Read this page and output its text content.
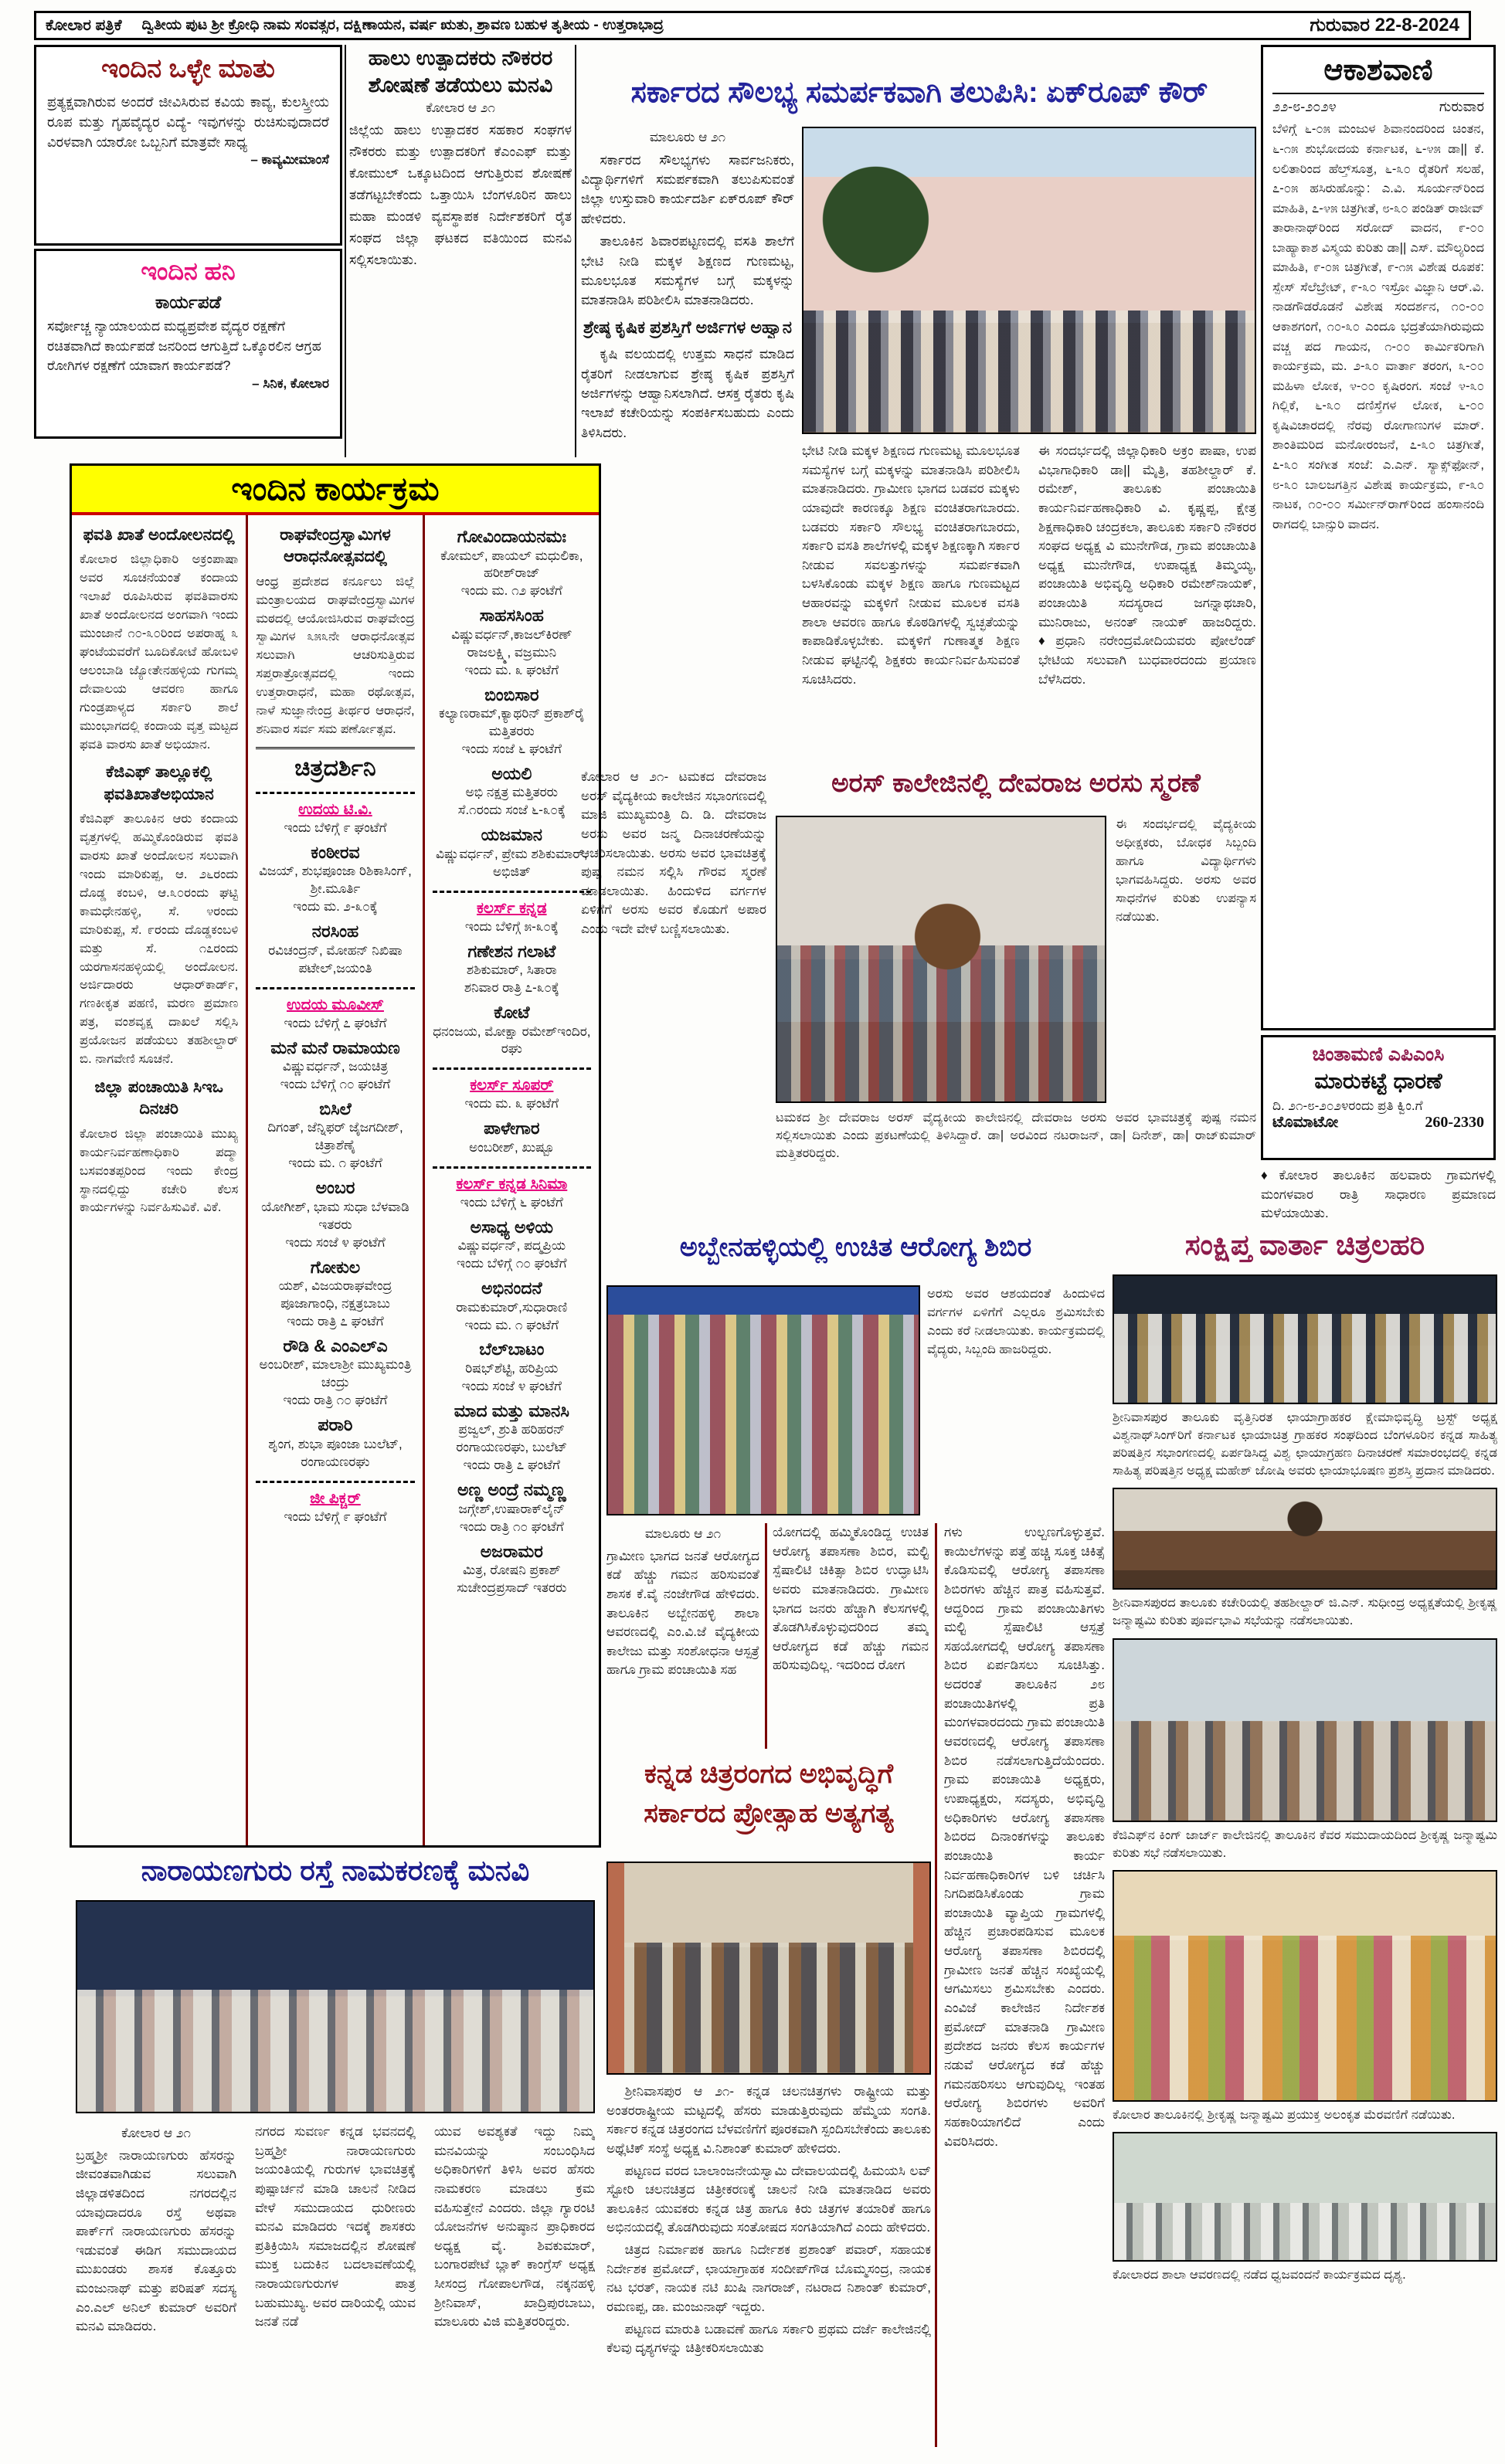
ಕೋಲಾರ ಪತ್ರಿಕೆ	ದ್ವಿತೀಯ ಪುಟ ಶ್ರೀ ಕ್ರೋಧಿ ನಾಮ ಸಂವತ್ಸರ, ದಕ್ಷಿಣಾಯನ, ವರ್ಷ ಋತು, ಶ್ರಾವಣ ಬಹುಳ ತೃತೀಯ - ಉತ್ತರಾಭಾದ್ರ	ಗುರುವಾರ 22-8-2024
ಇಂದಿನ ಒಳ್ಳೇ ಮಾತು
ಪ್ರತ್ಯಕ್ಷವಾಗಿರುವ ಅಂದರೆ ಜೀವಿಸಿರುವ ಕವಿಯ ಕಾವ್ಯ, ಕುಲಸ್ತ್ರೀಯ ರೂಪ ಮತ್ತು ಗೃಹವೈದ್ಯರ ವಿದ್ಯೆ- ಇವುಗಳನ್ನು ರುಚಿಸುವುದಾದರೆ ವಿರಳವಾಗಿ ಯಾರೋ ಒಬ್ಬನಿಗೆ ಮಾತ್ರವೇ ಸಾಧ್ಯ
– ಕಾವ್ಯಮೀಮಾಂಸೆ
ಇಂದಿನ ಹನಿ
ಕಾರ್ಯಪಡೆ
ಸರ್ವೋಚ್ಚ ನ್ಯಾಯಾಲಯದ ಮಧ್ಯಪ್ರವೇಶ ವೈದ್ಯರ ರಕ್ಷಣೆಗೆ ರಚಿತವಾಗಿದೆ ಕಾರ್ಯಪಡೆ ಜನರಿಂದ ಆಗುತ್ತಿದೆ ಒಕ್ಕೊರಲಿನ ಆಗ್ರಹ ರೋಗಿಗಳ ರಕ್ಷಣೆಗೆ ಯಾವಾಗ ಕಾರ್ಯಪಡೆ?
– ಸಿನಿಕ, ಕೋಲಾರ
ಹಾಲು ಉತ್ಪಾದಕರು ನೌಕರರ ಶೋಷಣೆ ತಡೆಯಲು ಮನವಿ
ಕೋಲಾರ ಆ ೨೧
ಜಿಲ್ಲೆಯ ಹಾಲು ಉತ್ಪಾದಕರ ಸಹಕಾರ ಸಂಘಗಳ ನೌಕರರು ಮತ್ತು ಉತ್ಪಾದಕರಿಗೆ ಕೆಎಂಎಫ್ ಮತ್ತು ಕೋಮುಲ್ ಒಕ್ಕೂಟದಿಂದ ಆಗುತ್ತಿರುವ ಶೋಷಣೆ ತಡೆಗಟ್ಟಬೇಕೆಂದು ಒತ್ತಾಯಿಸಿ ಬೆಂಗಳೂರಿನ ಹಾಲು ಮಹಾ ಮಂಡಳಿ ವ್ಯವಸ್ಥಾಪಕ ನಿರ್ದೇಶಕರಿಗೆ ರೈತ ಸಂಘದ ಜಿಲ್ಲಾ ಘಟಕದ ವತಿಯಿಂದ ಮನವಿ ಸಲ್ಲಿಸಲಾಯಿತು.
ಸರ್ಕಾರದ ಸೌಲಭ್ಯ ಸಮರ್ಪಕವಾಗಿ ತಲುಪಿಸಿ: ಏಕ್‌ರೂಪ್ ಕೌರ್
ಮಾಲೂರು ಆ ೨೧

ಸರ್ಕಾರದ ಸೌಲಭ್ಯಗಳು ಸಾರ್ವಜನಿಕರು, ವಿದ್ಯಾರ್ಥಿಗಳಿಗೆ ಸಮರ್ಪಕವಾಗಿ ತಲುಪಿಸುವಂತೆ ಜಿಲ್ಲಾ ಉಸ್ತುವಾರಿ ಕಾರ್ಯದರ್ಶಿ ಏಕ್‌ರೂಪ್ ಕೌರ್ ಹೇಳಿದರು.

ತಾಲೂಕಿನ ಶಿವಾರಪಟ್ಟಣದಲ್ಲಿ ವಸತಿ ಶಾಲೆಗೆ ಭೇಟಿ ನೀಡಿ ಮಕ್ಕಳ ಶಿಕ್ಷಣದ ಗುಣಮಟ್ಟ, ಮೂಲಭೂತ ಸಮಸ್ಯೆಗಳ ಬಗ್ಗೆ ಮಕ್ಕಳನ್ನು ಮಾತನಾಡಿಸಿ ಪರಿಶೀಲಿಸಿ ಮಾತನಾಡಿದರು.

ಶ್ರೇಷ್ಠ ಕೃಷಿಕ ಪ್ರಶಸ್ತಿಗೆ ಅರ್ಜಿಗಳ ಅಹ್ವಾನ

ಕೃಷಿ ವಲಯದಲ್ಲಿ ಉತ್ತಮ ಸಾಧನೆ ಮಾಡಿದ ರೈತರಿಗೆ ನೀಡಲಾಗುವ ಶ್ರೇಷ್ಠ ಕೃಷಿಕ ಪ್ರಶಸ್ತಿಗೆ ಅರ್ಜಿಗಳನ್ನು ಆಹ್ವಾನಿಸಲಾಗಿದೆ. ಆಸಕ್ತ ರೈತರು ಕೃಷಿ ಇಲಾಖೆ ಕಚೇರಿಯನ್ನು ಸಂಪರ್ಕಿಸಬಹುದು ಎಂದು ತಿಳಿಸಿದರು.

ಭೇಟಿ ನೀಡಿ ಮಕ್ಕಳ ಶಿಕ್ಷಣದ ಗುಣಮಟ್ಟ ಮೂಲಭೂತ ಸಮಸ್ಯೆಗಳ ಬಗ್ಗೆ ಮಕ್ಕಳನ್ನು ಮಾತನಾಡಿಸಿ ಪರಿಶೀಲಿಸಿ ಮಾತನಾಡಿದರು. ಗ್ರಾಮೀಣ ಭಾಗದ ಬಡವರ ಮಕ್ಕಳು ಯಾವುದೇ ಕಾರಣಕ್ಕೂ ಶಿಕ್ಷಣ ವಂಚಿತರಾಗಬಾರದು. ಬಡವರು ಸರ್ಕಾರಿ ಸೌಲಭ್ಯ ವಂಚಿತರಾಗಬಾರದು, ಸರ್ಕಾರಿ ವಸತಿ ಶಾಲೆಗಳಲ್ಲಿ ಮಕ್ಕಳ ಶಿಕ್ಷಣಕ್ಕಾಗಿ ಸರ್ಕಾರ ನೀಡುವ ಸವಲತ್ತುಗಳನ್ನು ಸಮರ್ಪಕವಾಗಿ ಬಳಸಿಕೊಂಡು ಮಕ್ಕಳ ಶಿಕ್ಷಣ ಹಾಗೂ ಗುಣಮಟ್ಟದ ಆಹಾರವನ್ನು ಮಕ್ಕಳಿಗೆ ನೀಡುವ ಮೂಲಕ ವಸತಿ ಶಾಲಾ ಆವರಣ ಹಾಗೂ ಕೊಠಡಿಗಳಲ್ಲಿ ಸ್ವಚ್ಛತೆಯನ್ನು ಕಾಪಾಡಿಕೊಳ್ಳಬೇಕು. ಮಕ್ಕಳಿಗೆ ಗುಣಾತ್ಮಕ ಶಿಕ್ಷಣ ನೀಡುವ ಘಟ್ಟಿನಲ್ಲಿ ಶಿಕ್ಷಕರು ಕಾರ್ಯನಿರ್ವಹಿಸುವಂತೆ ಸೂಚಿಸಿದರು.
ಈ ಸಂದರ್ಭದಲ್ಲಿ ಜಿಲ್ಲಾಧಿಕಾರಿ ಅಕ್ರಂ ಪಾಷಾ, ಉಪ ವಿಭಾಗಾಧಿಕಾರಿ ಡಾ|| ಮೈತ್ರಿ, ತಹಶೀಲ್ದಾರ್ ಕೆ. ರಮೇಶ್, ತಾಲೂಕು ಪಂಚಾಯಿತಿ ಕಾರ್ಯನಿರ್ವಹಣಾಧಿಕಾರಿ ವಿ. ಕೃಷ್ಣಪ್ಪ, ಕ್ಷೇತ್ರ ಶಿಕ್ಷಣಾಧಿಕಾರಿ ಚಂದ್ರಕಲಾ, ತಾಲೂಕು ಸರ್ಕಾರಿ ನೌಕರರ ಸಂಘದ ಅಧ್ಯಕ್ಷ ವಿ ಮುನೇಗೌಡ, ಗ್ರಾಮ ಪಂಚಾಯಿತಿ ಅಧ್ಯಕ್ಷ ಮುನೇಗೌಡ, ಉಪಾಧ್ಯಕ್ಷ ತಿಮ್ಮಯ್ಯ, ಪಂಚಾಯಿತಿ ಅಭಿವೃದ್ಧಿ ಅಧಿಕಾರಿ ರಮೇಶ್‌ನಾಯಕ್, ಪಂಚಾಯಿತಿ ಸದಸ್ಯರಾದ ಜಗನ್ನಾಥಚಾರಿ, ಮುನಿರಾಜು, ಅನಂತ್ ನಾಯಕ್ ಹಾಜರಿದ್ದರು. ♦ಪ್ರಧಾನಿ ನರೇಂದ್ರಮೋದಿಯವರು ಪೋಲೆಂಡ್ ಭೇಟಿಯ ಸಲುವಾಗಿ ಬುಧವಾರದಂದು ಪ್ರಯಾಣ ಬೆಳೆಸಿದರು.
ಆಕಾಶವಾಣಿ
೨೨-೮-೨೦೨೪	ಗುರುವಾರ
ಬೆಳಿಗ್ಗೆ ೬-೦೫ ಮಂಜುಳ ಶಿವಾನಂದರಿಂದ ಚಿಂತನ, ೬-೧೫ ಶುಭೋದಯ ಕರ್ನಾಟಕ, ೬-೪೫ ಡಾ|| ಕೆ. ಲಲಿತಾರಿಂದ ಹೆಲ್ತ್‌ಸೂತ್ರ, ೬-೩೦ ರೈತರಿಗೆ ಸಲಹೆ, ೭-೦೫ ಹಸಿರುಹೊನ್ನು: ಎ.ವಿ. ಸೂರ್ಯನ್‌ರಿಂದ ಮಾಹಿತಿ, ೭-೪೫ ಚಿತ್ರಗೀತೆ, ೮-೩೦ ಪಂಡಿತ್ ರಾಜೀವ್ ತಾರಾನಾಥ್‌ರಿಂದ ಸರೋದ್ ವಾದನ, ೯-೦೦ ಬಾಹ್ಯಾಕಾಶ ವಿಸ್ಮಯ ಕುರಿತು ಡಾ|| ಎಸ್. ಮೌಲ್ಯರಿಂದ ಮಾಹಿತಿ, ೯-೦೫ ಚಿತ್ರಗೀತೆ, ೯-೧೫ ವಿಶೇಷ ರೂಪಕ: ಸ್ಪೇಸ್ ಸೆಲೆಬ್ರೇಟ್, ೯-೩೦ ಇಸ್ರೋ ವಿಜ್ಞಾನಿ ಆರ್.ವಿ. ನಾಡಗೌಡರೊಡನೆ ವಿಶೇಷ ಸಂದರ್ಶನ, ೧೦-೦೦ ಆಕಾಶಗಂಗೆ, ೧೦-೩೦ ಎಂದೂ ಭದ್ರತೆಯಾಗಿರುವುದು ವಚ್ಚ ಪದ ಗಾಯನ, ೧-೦೦ ಕಾರ್ಮಿಕರಿಗಾಗಿ ಕಾರ್ಯಕ್ರಮ, ಮ. ೨-೩೦ ವಾರ್ತಾ ತರಂಗ, ೩-೦೦ ಮಹಿಳಾ ಲೋಕ, ೪-೦೦ ಕೃಷಿರಂಗ. ಸಂಜೆ ೪-೩೦ ಗಿಲ್ಲಿಕೆ, ೬-೩೦ ದಣಿಸ್ತೆಗಳ ಲೋಕ, ೬-೦೦ ಕೃಷಿವಿಚಾರದಲ್ಲಿ ನೆರವು ರೋಗಾಣುಗಳ ಮಾರ್. ಶಾಂತಿಮರಿದ ಮನೋರಂಜನೆ, ೭-೩೦ ಚಿತ್ರಗೀತೆ, ೭-೩೦ ಸಂಗೀತ ಸಂಜೆ: ಎ.ಎನ್. ಸ್ಯಾಕ್ಸ್‌ಫೋನ್, ೮-೩೦ ಬಾಲಜಗತ್ತಿನ ವಿಶೇಷ ಕಾರ್ಯಕ್ರಮ, ೯-೩೦ ನಾಟಕ, ೧೦-೦೦ ಸರ್ಮೀನ್‌ರಾಗ್‌ರಿಂದ ಹಂಸಾನಂದಿ ರಾಗದಲ್ಲಿ ಬಾನ್ಸುರಿ ವಾದನ.
ಚಿಂತಾಮಣಿ ಎಪಿಎಂಸಿ
ಮಾರುಕಟ್ಟೆ ಧಾರಣೆ
ದಿ. ೨೧-೮-೨೦೨೪ರಂದು ಪ್ರತಿ ಕ್ವಿಂ.ಗೆ
ಟೊಮಾಟೋ	260-2330
♦ಕೋಲಾರ ತಾಲೂಕಿನ ಹಲವಾರು ಗ್ರಾಮಗಳಲ್ಲಿ ಮಂಗಳವಾರ ರಾತ್ರಿ ಸಾಧಾರಣ ಪ್ರಮಾಣದ ಮಳೆಯಾಯಿತು.
ಕೋಲಾರ ಆ ೨೧- ಟಮಕದ ದೇವರಾಜ ಅರಸ್ ವೈದ್ಯಕೀಯ ಕಾಲೇಜಿನ ಸಭಾಂಗಣದಲ್ಲಿ ಮಾಜಿ ಮುಖ್ಯಮಂತ್ರಿ ದಿ. ಡಿ. ದೇವರಾಜ ಅರಸು ಅವರ ಜನ್ಮ ದಿನಾಚರಣೆಯನ್ನು ಆಚರಿಸಲಾಯಿತು. ಅರಸು ಅವರ ಭಾವಚಿತ್ರಕ್ಕೆ ಪುಷ್ಪ ನಮನ ಸಲ್ಲಿಸಿ ಗೌರವ ಸ್ಮರಣೆ ಮಾಡಲಾಯಿತು. ಹಿಂದುಳಿದ ವರ್ಗಗಳ ಏಳಿಗೆಗೆ ಅರಸು ಅವರ ಕೊಡುಗೆ ಅಪಾರ ಎಂದು ಇದೇ ವೇಳೆ ಬಣ್ಣಿಸಲಾಯಿತು.
ಅರಸ್ ಕಾಲೇಜಿನಲ್ಲಿ ದೇವರಾಜ ಅರಸು ಸ್ಮರಣೆ
ಈ ಸಂದರ್ಭದಲ್ಲಿ ವೈದ್ಯಕೀಯ ಅಧೀಕ್ಷಕರು, ಬೋಧಕ ಸಿಬ್ಬಂದಿ ಹಾಗೂ ವಿದ್ಯಾರ್ಥಿಗಳು ಭಾಗವಹಿಸಿದ್ದರು. ಅರಸು ಅವರ ಸಾಧನೆಗಳ ಕುರಿತು ಉಪನ್ಯಾಸ ನಡೆಯಿತು.
ಟಮಕದ ಶ್ರೀ ದೇವರಾಜ ಅರಸ್ ವೈದ್ಯಕೀಯ ಕಾಲೇಜಿನಲ್ಲಿ ದೇವರಾಜ ಅರಸು ಅವರ ಭಾವಚಿತ್ರಕ್ಕೆ ಪುಷ್ಪ ನಮನ ಸಲ್ಲಿಸಲಾಯಿತು ಎಂದು ಪ್ರಕಟಣೆಯಲ್ಲಿ ತಿಳಿಸಿದ್ದಾರೆ. ಡಾ| ಅರವಿಂದ ನಟರಾಜನ್, ಡಾ| ದಿನೇಶ್, ಡಾ| ರಾಜ್‌ಕುಮಾರ್ ಮತ್ತಿತರರಿದ್ದರು.
ಇಂದಿನ ಕಾರ್ಯಕ್ರಮ
ಫವತಿ ಖಾತೆ ಅಂದೋಲನದಲ್ಲಿ
ಕೋಲಾರ ಜಿಲ್ಲಾಧಿಕಾರಿ ಅಕ್ರಂಪಾಷಾ ಅವರ ಸೂಚನೆಯಂತೆ ಕಂದಾಯ ಇಲಾಖೆ ರೂಪಿಸಿರುವ ಫವತಿವಾರಸು ಖಾತೆ ಅಂದೋಲನದ ಅಂಗವಾಗಿ ಇಂದು ಮುಂಜಾನೆ ೧೦-೩೦ರಿಂದ ಅಪರಾಹ್ನ ೩ ಘಂಟೆಯವರೆಗೆ ಬೂದಿಕೋಟೆ ಹೋಬಳಿ ಆಲಂಬಾಡಿ ಜ್ಯೋತೇನಹಳ್ಳಿಯ ಗುಗಮ್ಮ ದೇವಾಲಯ ಆವರಣ ಹಾಗೂ ಗುಂಡ್ರಪಾಳ್ಯದ ಸರ್ಕಾರಿ ಶಾಲೆ ಮುಂಭಾಗದಲ್ಲಿ ಕಂದಾಯ ವೃತ್ತ ಮಟ್ಟದ ಫವತಿ ವಾರಸು ಖಾತೆ ಅಭಿಯಾನ.
ಕೆಜಿಎಫ್ ತಾಲ್ಲೂಕಲ್ಲಿ ಫವತಿಖಾತೆಅಭಿಯಾನ
ಕೆಜಿಎಫ್ ತಾಲೂಕಿನ ಆರು ಕಂದಾಯ ವೃತ್ತಗಳಲ್ಲಿ ಹಮ್ಮಿಕೊಂಡಿರುವ ಫವತಿ ವಾರಸು ಖಾತೆ ಅಂದೋಲನ ಸಲುವಾಗಿ ಇಂದು ಮಾರಿಕುಪ್ಪ, ಆ. ೨೬ರಂದು ದೊಡ್ಡ ಕಂಬಳಿ, ಆ.೩೦ರಂದು ಘಟ್ಟಿ ಕಾಮಧೇನಹಳ್ಳಿ, ಸೆ. ೪ರಂದು ಮಾರಿಕುಪ್ಪ, ಸೆ. ೯ರಂದು ದೊಡ್ಡಕಂಬಳಿ ಮತ್ತು ಸೆ. ೧೭ರಂದು ಯರಗಾಸನಹಳ್ಳಿಯಲ್ಲಿ ಅಂದೋಲನ. ಅರ್ಜಿದಾರರು ಆಧಾರ್‌ಕಾರ್ಡ್, ಗಣಕೀಕೃತ ಪಹಣಿ, ಮರಣ ಪ್ರಮಾಣ ಪತ್ರ, ವಂಶವೃಕ್ಷ ದಾಖಲೆ ಸಲ್ಲಿಸಿ ಪ್ರಯೋಜನ ಪಡೆಯಲು ತಹಶೀಲ್ದಾರ್ ಬಿ. ನಾಗವೇಣಿ ಸೂಚನೆ.
ಜಿಲ್ಲಾ ಪಂಚಾಯಿತಿ ಸಿಇಒ ದಿನಚರಿ
ಕೋಲಾರ ಜಿಲ್ಲಾ ಪಂಚಾಯಿತಿ ಮುಖ್ಯ ಕಾರ್ಯನಿರ್ವಹಣಾಧಿಕಾರಿ ಪದ್ಮಾ ಬಸವಂತಪ್ಪರಿಂದ ಇಂದು ಕೇಂದ್ರ ಸ್ಥಾನದಲ್ಲಿದ್ದು ಕಚೇರಿ ಕೆಲಸ ಕಾರ್ಯಗಳನ್ನು ನಿರ್ವಹಿಸುವಿಕೆ. ವಿಕೆ.
ರಾಘವೇಂದ್ರಸ್ವಾಮಿಗಳ ಆರಾಧನೋತ್ಸವದಲ್ಲಿ
ಆಂಧ್ರ ಪ್ರದೇಶದ ಕರ್ನೂಲು ಜಿಲ್ಲೆ ಮಂತ್ರಾಲಯದ ರಾಘವೇಂದ್ರಸ್ವಾಮಿಗಳ ಮಠದಲ್ಲಿ ಆಯೋಜಿಸಿರುವ ರಾಘವೇಂದ್ರ ಸ್ವಾಮಿಗಳ ೩೫೩ನೇ ಆರಾಧನೋತ್ಸವ ಸಲುವಾಗಿ ಆಚರಿಸುತ್ತಿರುವ ಸಪ್ತರಾತ್ರೋತ್ಸವದಲ್ಲಿ ಇಂದು ಉತ್ತರಾರಾಧನೆ, ಮಹಾ ರಥೋತ್ಸವ, ನಾಳೆ ಸುಜ್ಞಾನೇಂದ್ರ ತೀರ್ಥರ ಆರಾಧನೆ, ಶನಿವಾರ ಸರ್ವ ಸಮ ಪರ್ಣೋತ್ಸವ.
ಚಿತ್ರದರ್ಶಿನಿ
ಉದಯ ಟಿ.ವಿ.
ಇಂದು ಬೆಳಿಗ್ಗೆ ೯ ಘಂಟೆಗೆ
ಕಂಠೀರವ
ವಿಜಯ್, ಶುಭಪೂಂಜಾ ರಿಶಿಕಾಸಿಂಗ್, ಶ್ರೀ.ಮೂರ್ತಿ
ಇಂದು ಮ. ೨-೩೦ಕ್ಕೆ
ನರಸಿಂಹ
ರವಿಚಂದ್ರನ್, ಮೋಹನ್ ನಿಖಿಷಾ ಪಟೇಲ್,ಜಯಂತಿ
ಉದಯ ಮೂವೀಸ್
ಇಂದು ಬೆಳಿಗ್ಗೆ ೭ ಘಂಟೆಗೆ
ಮನೆ ಮನೆ ರಾಮಾಯಣ
ವಿಷ್ಣುವರ್ಧನ್, ಜಯಚಿತ್ರ
ಇಂದು ಬೆಳಿಗ್ಗೆ ೧೦ ಘಂಟೆಗೆ
ಬಿಸಿಲೆ
ದಿಗಂತ್, ಜೆನ್ನಿಫರ್ ಜೈಜಗದೀಶ್, ಚಿತ್ರಾಶೆಣೈ
ಇಂದು ಮ. ೧ ಘಂಟೆಗೆ
ಅಂಬರ
ಯೋಗೀಶ್, ಭಾಮ ಸುಧಾ ಬೆಳವಾಡಿ ಇತರರು
ಇಂದು ಸಂಜೆ ೪ ಘಂಟೆಗೆ
ಗೋಕುಲ
ಯಶ್, ವಿಜಯರಾಘವೇಂದ್ರ ಪೂಜಾಗಾಂಧಿ, ನಕ್ಷತ್ರಬಾಬು
ಇಂದು ರಾತ್ರಿ ೭ ಘಂಟೆಗೆ
ರೌಡಿ & ಎಂಎಲ್‌ಎ
ಅಂಬರೀಶ್, ಮಾಲಾಶ್ರೀ ಮುಖ್ಯಮಂತ್ರಿ ಚಂದ್ರು
ಇಂದು ರಾತ್ರಿ ೧೦ ಘಂಟೆಗೆ
ಪರಾರಿ
ಶೃಂಗ, ಶುಭಾ ಪೂಂಜಾ ಬುಲೆಟ್, ರಂಗಾಯಣರಘು
ಜೀ ಪಿಕ್ಚರ್
ಇಂದು ಬೆಳಿಗ್ಗೆ ೯ ಘಂಟೆಗೆ
ಗೋವಿಂದಾಯನಮಃ
ಕೋಮಲ್, ಪಾಯಲ್ ಮಧುಲಿಕಾ, ಹರೀಶ್‌ರಾಜ್
ಇಂದು ಮ. ೧೨ ಘಂಟೆಗೆ
ಸಾಹಸಸಿಂಹ
ವಿಷ್ಣುವರ್ಧನ್,ಕಾಜಲ್‌ಕಿರಣ್ ರಾಜಲಕ್ಷ್ಮಿ, ವಜ್ರಮುನಿ
ಇಂದು ಮ. ೩ ಘಂಟೆಗೆ
ಬಿಂಬಿಸಾರ
ಕಲ್ಯಾಣರಾಮ್,ಕ್ಯಾಥರಿನ್ ಪ್ರಕಾಶ್‌ರೈ ಮತ್ತಿತರರು
ಇಂದು ಸಂಜೆ ೬ ಘಂಟೆಗೆ
ಅಯಲಿ
ಅಭಿ ನಕ್ಷತ್ರ ಮತ್ತಿತರರು
ಸೆ.೧ರಂದು ಸಂಜೆ ೬-೩೦ಕ್ಕೆ
ಯಜಮಾನ
ವಿಷ್ಣುವರ್ಧನ್, ಪ್ರೇಮ ಶಶಿಕುಮಾರ್, ಅಭಿಜಿತ್
ಕಲರ್ಸ್ ಕನ್ನಡ
ಇಂದು ಬೆಳಿಗ್ಗೆ ೫-೩೦ಕ್ಕೆ
ಗಣೇಶನ ಗಲಾಟೆ
ಶಶಿಕುಮಾರ್, ಸಿತಾರಾ
ಶನಿವಾರ ರಾತ್ರಿ ೭-೩೦ಕ್ಕೆ
ಕೋಟೆ
ಧನಂಜಯ, ಮೋಕ್ಷಾ ರಮೇಶ್‌ಇಂದಿರ, ರಘು
ಕಲರ್ಸ್ ಸೂಪರ್
ಇಂದು ಮ. ೩ ಘಂಟೆಗೆ
ಪಾಳೇಗಾರ
ಅಂಬರೀಶ್, ಖುಷ್ಬೂ
ಕಲರ್ಸ್ ಕನ್ನಡ ಸಿನಿಮಾ
ಇಂದು ಬೆಳಿಗ್ಗೆ ೬ ಘಂಟೆಗೆ
ಅಸಾಧ್ಯ ಅಳಿಯ
ವಿಷ್ಣುವರ್ಧನ್, ಪದ್ಮಪ್ರಿಯ
ಇಂದು ಬೆಳಿಗ್ಗೆ ೧೦ ಘಂಟೆಗೆ
ಅಭಿನಂದನೆ
ರಾಮಕುಮಾರ್,ಸುಧಾರಾಣಿ
ಇಂದು ಮ. ೧ ಘಂಟೆಗೆ
ಬೆಲ್‌ಬಾಟಂ
ರಿಷಭ್‌ಶೆಟ್ಟಿ, ಹರಿಪ್ರಿಯ
ಇಂದು ಸಂಜೆ ೪ ಘಂಟೆಗೆ
ಮಾದ ಮತ್ತು ಮಾನಸಿ
ಪ್ರಜ್ವಲ್, ಶ್ರುತಿ ಹರಿಹರನ್ ರಂಗಾಯಣರಘು, ಬುಲೆಟ್
ಇಂದು ರಾತ್ರಿ ೭ ಘಂಟೆಗೆ
ಅಣ್ಣ ಅಂದ್ರೆ ನಮ್ಮಣ್ಣ
ಜಗ್ಗೇಶ್,ಉಷಾರಾಕ್‌ಲೈನ್
ಇಂದು ರಾತ್ರಿ ೧೦ ಘಂಟೆಗೆ
ಅಜರಾಮರ
ಮಿತ್ರ, ರೋಷನಿ ಪ್ರಕಾಶ್ ಸುಚೇಂದ್ರಪ್ರಸಾದ್ ಇತರರು
ಅಬ್ಬೇನಹಳ್ಳಿಯಲ್ಲಿ ಉಚಿತ ಆರೋಗ್ಯ ಶಿಬಿರ
ಅರಸು ಅವರ ಆಶಯದಂತೆ ಹಿಂದುಳಿದ ವರ್ಗಗಳ ಏಳಿಗೆಗೆ ಎಲ್ಲರೂ ಶ್ರಮಿಸಬೇಕು ಎಂದು ಕರೆ ನೀಡಲಾಯಿತು. ಕಾರ್ಯಕ್ರಮದಲ್ಲಿ ವೈದ್ಯರು, ಸಿಬ್ಬಂದಿ ಹಾಜರಿದ್ದರು.
ಮಾಲೂರು ಆ ೨೧
ಗ್ರಾಮೀಣ ಭಾಗದ ಜನತೆ ಆರೋಗ್ಯದ ಕಡೆ ಹೆಚ್ಚು ಗಮನ ಹರಿಸುವಂತೆ ಶಾಸಕ ಕೆ.ವೈ ನಂಜೇಗೌಡ ಹೇಳಿದರು. ತಾಲೂಕಿನ ಅಬ್ಬೇನಹಳ್ಳಿ ಶಾಲಾ ಆವರಣದಲ್ಲಿ ಎಂ.ವಿ.ಜೆ ವೈದ್ಯಕೀಯ ಕಾಲೇಜು ಮತ್ತು ಸಂಶೋಧನಾ ಆಸ್ಪತ್ರೆ ಹಾಗೂ ಗ್ರಾಮ ಪಂಚಾಯಿತಿ ಸಹ
ಯೋಗದಲ್ಲಿ ಹಮ್ಮಿಕೊಂಡಿದ್ದ ಉಚಿತ ಆರೋಗ್ಯ ತಪಾಸಣಾ ಶಿಬಿರ, ಮಲ್ಟಿ ಸ್ಪೆಷಾಲಿಟಿ ಚಿಕಿತ್ಸಾ ಶಿಬಿರ ಉದ್ಘಾಟಿಸಿ ಅವರು ಮಾತನಾಡಿದರು. ಗ್ರಾಮೀಣ ಭಾಗದ ಜನರು ಹೆಚ್ಚಾಗಿ ಕೆಲಸಗಳಲ್ಲಿ ತೊಡಗಿಸಿಕೊಳ್ಳುವುದರಿಂದ ತಮ್ಮ ಆರೋಗ್ಯದ ಕಡೆ ಹೆಚ್ಚು ಗಮನ ಹರಿಸುವುದಿಲ್ಲ. ಇದರಿಂದ ರೋಗ
ಗಳು ಉಲ್ಬಣಗೊಳ್ಳುತ್ತವೆ. ಕಾಯಿಲೆಗಳನ್ನು ಪತ್ತೆ ಹಚ್ಚಿ ಸೂಕ್ತ ಚಿಕಿತ್ಸೆ ಕೊಡಿಸುವಲ್ಲಿ ಆರೋಗ್ಯ ತಪಾಸಣಾ ಶಿಬಿರಗಳು ಹೆಚ್ಚಿನ ಪಾತ್ರ ವಹಿಸುತ್ತವೆ. ಆದ್ದರಿಂದ ಗ್ರಾಮ ಪಂಚಾಯಿತಿಗಳು ಮಲ್ಟಿ ಸ್ಪೆಷಾಲಿಟಿ ಆಸ್ಪತ್ರೆ ಸಹಯೋಗದಲ್ಲಿ ಆರೋಗ್ಯ ತಪಾಸಣಾ ಶಿಬಿರ ಏರ್ಪಡಿಸಲು ಸೂಚಿಸಿತ್ತು. ಅದರಂತೆ ತಾಲೂಕಿನ ೨೮ ಪಂಚಾಯಿತಿಗಳಲ್ಲಿ ಪ್ರತಿ ಮಂಗಳವಾರದಂದು ಗ್ರಾಮ ಪಂಚಾಯಿತಿ ಆವರಣದಲ್ಲಿ ಆರೋಗ್ಯ ತಪಾಸಣಾ ಶಿಬಿರ ನಡೆಸಲಾಗುತ್ತಿದೆಯೆಂದರು. ಗ್ರಾಮ ಪಂಚಾಯಿತಿ ಅಧ್ಯಕ್ಷರು, ಉಪಾಧ್ಯಕ್ಷರು, ಸದಸ್ಯರು, ಅಭಿವೃದ್ಧಿ ಅಧಿಕಾರಿಗಳು ಆರೋಗ್ಯ ತಪಾಸಣಾ ಶಿಬಿರದ ದಿನಾಂಕಗಳನ್ನು ತಾಲೂಕು ಪಂಚಾಯಿತಿ ಕಾರ್ಯ ನಿರ್ವಹಣಾಧಿಕಾರಿಗಳ ಬಳಿ ಚರ್ಚಿಸಿ ನಿಗದಿಪಡಿಸಿಕೊಂಡು ಗ್ರಾಮ ಪಂಚಾಯಿತಿ ವ್ಯಾಪ್ತಿಯ ಗ್ರಾಮಗಳಲ್ಲಿ ಹೆಚ್ಚಿನ ಪ್ರಚಾರಪಡಿಸುವ ಮೂಲಕ ಆರೋಗ್ಯ ತಪಾಸಣಾ ಶಿಬಿರದಲ್ಲಿ ಗ್ರಾಮೀಣ ಜನತೆ ಹೆಚ್ಚಿನ ಸಂಖ್ಯೆಯಲ್ಲಿ ಆಗಮಿಸಲು ಶ್ರಮಿಸಬೇಕು ಎಂದರು. ಎಂವಿಜೆ ಕಾಲೇಜಿನ ನಿರ್ದೇಶಕ ಪ್ರಮೋದ್ ಮಾತನಾಡಿ ಗ್ರಾಮೀಣ ಪ್ರದೇಶದ ಜನರು ಕೆಲಸ ಕಾರ್ಯಗಳ ನಡುವೆ ಆರೋಗ್ಯದ ಕಡೆ ಹೆಚ್ಚು ಗಮನಹರಿಸಲು ಆಗುವುದಿಲ್ಲ ಇಂತಹ ಆರೋಗ್ಯ ಶಿಬಿರಗಳು ಅವರಿಗೆ ಸಹಕಾರಿಯಾಗಲಿದೆ ಎಂದು ವಿವರಿಸಿದರು.
ಕನ್ನಡ ಚಿತ್ರರಂಗದ ಅಭಿವೃದ್ಧಿಗೆ ಸರ್ಕಾರದ ಪ್ರೋತ್ಸಾಹ ಅತ್ಯಗತ್ಯ

ಶ್ರೀನಿವಾಸಪುರ ಆ ೨೧- ಕನ್ನಡ ಚಲನಚಿತ್ರಗಳು ರಾಷ್ಟ್ರೀಯ ಮತ್ತು ಅಂತರರಾಷ್ಟ್ರೀಯ ಮಟ್ಟದಲ್ಲಿ ಹೆಸರು ಮಾಡುತ್ತಿರುವುದು ಹೆಮ್ಮೆಯ ಸಂಗತಿ. ಸರ್ಕಾರ ಕನ್ನಡ ಚಿತ್ರರಂಗದ ಬೆಳವಣಿಗೆಗೆ ಪೂರಕವಾಗಿ ಸ್ಪಂದಿಸಬೇಕೆಂದು ತಾಲೂಕು ಅಥ್ಲೆಟಿಕ್ ಸಂಸ್ಥೆ ಅಧ್ಯಕ್ಷ ವಿ.ನಿಶಾಂತ್ ಕುಮಾರ್ ಹೇಳಿದರು.

ಪಟ್ಟಣದ ವರದ ಬಾಲಾಂಜನೇಯಸ್ವಾಮಿ ದೇವಾಲಯದಲ್ಲಿ ಹಿಮಯಸಿ ಲವ್ ಸ್ಟೋರಿ ಚಲನಚಿತ್ರದ ಚಿತ್ರೀಕರಣಕ್ಕೆ ಚಾಲನೆ ನೀಡಿ ಮಾತನಾಡಿದ ಅವರು ತಾಲೂಕಿನ ಯುವಕರು ಕನ್ನಡ ಚಿತ್ರ ಹಾಗೂ ಕಿರು ಚಿತ್ರಗಳ ತಯಾರಿಕೆ ಹಾಗೂ ಅಭಿನಯದಲ್ಲಿ ತೊಡಗಿರುವುದು ಸಂತೋಷದ ಸಂಗತಿಯಾಗಿದೆ ಎಂದು ಹೇಳಿದರು.

ಚಿತ್ರದ ನಿರ್ಮಾಪಕ ಹಾಗೂ ನಿರ್ದೇಶಕ ಪ್ರಶಾಂತ್ ಪವಾರ್, ಸಹಾಯಕ ನಿರ್ದೇಶಕ ಪ್ರಮೋದ್, ಛಾಯಾಗ್ರಾಹಕ ಸಂದೀಪ್‌ಗೌಡ ಬೊಮ್ಮಸಂದ್ರ, ನಾಯಕ ನಟ ಭರತ್, ನಾಯಕ ನಟಿ ಖುಷಿ ನಾಗರಾಜ್, ನಟರಾದ ನಿಶಾಂತ್ ಕುಮಾರ್, ರಮಣಪ್ಪ, ಡಾ. ಮಂಜುನಾಥ್ ಇದ್ದರು.

ಪಟ್ಟಣದ ಮಾರುತಿ ಬಡಾವಣೆ ಹಾಗೂ ಸರ್ಕಾರಿ ಪ್ರಥಮ ದರ್ಜೆ ಕಾಲೇಜಿನಲ್ಲಿ ಕೆಲವು ದೃಶ್ಯಗಳನ್ನು ಚಿತ್ರೀಕರಿಸಲಾಯಿತು

ನಾರಾಯಣಗುರು ರಸ್ತೆ ನಾಮಕರಣಕ್ಕೆ ಮನವಿ
ಕೋಲಾರ ಆ ೨೧
ಬ್ರಹ್ಮಶ್ರೀ ನಾರಾಯಣಗುರು ಹೆಸರನ್ನು ಜೀವಂತವಾಗಿಡುವ ಸಲುವಾಗಿ ಜಿಲ್ಲಾಡಳಿತದಿಂದ ನಗರದಲ್ಲಿನ ಯಾವುದಾದರೂ ರಸ್ತೆ ಅಥವಾ ಪಾರ್ಕ್‌ಗೆ ನಾರಾಯಣಗುರು ಹೆಸರನ್ನು ಇಡುವಂತೆ ಈಡಿಗ ಸಮುದಾಯದ ಮುಖಂಡರು ಶಾಸಕ ಕೊತ್ತೂರು ಮಂಜುನಾಥ್ ಮತ್ತು ಪರಿಷತ್ ಸದಸ್ಯ ಎಂ.ಎಲ್ ಅನಿಲ್ ಕುಮಾರ್ ಅವರಿಗೆ ಮನವಿ ಮಾಡಿದರು.
ನಗರದ ಸುವರ್ಣ ಕನ್ನಡ ಭವನದಲ್ಲಿ ಬ್ರಹ್ಮಶ್ರೀ ನಾರಾಯಣಗುರು ಜಯಂತಿಯಲ್ಲಿ ಗುರುಗಳ ಭಾವಚಿತ್ರಕ್ಕೆ ಪುಷ್ಪಾರ್ಚನೆ ಮಾಡಿ ಚಾಲನೆ ನೀಡಿದ ವೇಳೆ ಸಮುದಾಯದ ಧುರೀಣರು ಮನವಿ ಮಾಡಿದರು ಇದಕ್ಕೆ ಶಾಸಕರು ಪ್ರತಿಕ್ರಿಯಿಸಿ ಸಮಾಜದಲ್ಲಿನ ಶೋಷಣೆ ಮುಕ್ತ ಬದುಕಿನ ಬದಲಾವಣೆಯಲ್ಲಿ ನಾರಾಯಣಗುರುಗಳ ಪಾತ್ರ ಬಹುಮುಖ್ಯ. ಅವರ ದಾರಿಯಲ್ಲಿ ಯುವ ಜನತೆ ನಡೆ
ಯುವ ಅವಶ್ಯಕತೆ ಇದ್ದು ನಿಮ್ಮ ಮನವಿಯನ್ನು ಸಂಬಂಧಿಸಿದ ಅಧಿಕಾರಿಗಳಿಗೆ ತಿಳಿಸಿ ಅವರ ಹೆಸರು ನಾಮಕರಣ ಮಾಡಲು ಕ್ರಮ ವಹಿಸುತ್ತೇನೆ ಎಂದರು. ಜಿಲ್ಲಾ ಗ್ಯಾರಂಟಿ ಯೋಜನೆಗಳ ಅನುಷ್ಠಾನ ಪ್ರಾಧಿಕಾರದ ಅಧ್ಯಕ್ಷ ವೈ. ಶಿವಕುಮಾರ್, ಬಂಗಾರಪೇಟೆ ಬ್ಲಾಕ್ ಕಾಂಗ್ರೆಸ್ ಅಧ್ಯಕ್ಷ ಸೀಸಂದ್ರ ಗೋಪಾಲಗೌಡ, ನಕ್ಕನಹಳ್ಳಿ ಶ್ರೀನಿವಾಸ್, ಖಾದ್ರಿಪುರಬಾಬು, ಮಾಲೂರು ವಿಜಿ ಮತ್ತಿತರರಿದ್ದರು.
ಸಂಕ್ಷಿಪ್ತ ವಾರ್ತಾ ಚಿತ್ರಲಹರಿ
ಶ್ರೀನಿವಾಸಪುರ ತಾಲೂಕು ವೃತ್ತಿನಿರತ ಛಾಯಾಗ್ರಾಹಕರ ಕ್ಷೇಮಾಭಿವೃದ್ಧಿ ಟ್ರಸ್ಟ್ ಅಧ್ಯಕ್ಷ ವಿಶ್ವನಾಥ್‌ಸಿಂಗ್‌ರಿಗೆ ಕರ್ನಾಟಕ ಛಾಯಾಚಿತ್ರ ಗ್ರಾಹಕರ ಸಂಘದಿಂದ ಬೆಂಗಳೂರಿನ ಕನ್ನಡ ಸಾಹಿತ್ಯ ಪರಿಷತ್ತಿನ ಸಭಾಂಗಣದಲ್ಲಿ ಏರ್ಪಡಿಸಿದ್ದ ವಿಶ್ವ ಛಾಯಾಗ್ರಹಣ ದಿನಾಚರಣೆ ಸಮಾರಂಭದಲ್ಲಿ ಕನ್ನಡ ಸಾಹಿತ್ಯ ಪರಿಷತ್ತಿನ ಅಧ್ಯಕ್ಷ ಮಹೇಶ್ ಜೋಷಿ ಅವರು ಛಾಯಾಭೂಷಣ ಪ್ರಶಸ್ತಿ ಪ್ರದಾನ ಮಾಡಿದರು.
ಶ್ರೀನಿವಾಸಪುರದ ತಾಲೂಕು ಕಚೇರಿಯಲ್ಲಿ ತಹಶೀಲ್ದಾರ್ ಜಿ.ಎನ್. ಸುಧೀಂದ್ರ ಅಧ್ಯಕ್ಷತೆಯಲ್ಲಿ ಶ್ರೀಕೃಷ್ಣ ಜನ್ಮಾಷ್ಟಮಿ ಕುರಿತು ಪೂರ್ವಭಾವಿ ಸಭೆಯನ್ನು ನಡೆಸಲಾಯಿತು.
ಕೆಜಿಎಫ್‌ನ ಕಿಂಗ್ ಜಾರ್ಜ್ ಕಾಲೇಜಿನಲ್ಲಿ ತಾಲೂಕಿನ ಕೆವರ ಸಮುದಾಯದಿಂದ ಶ್ರೀಕೃಷ್ಣ ಜನ್ಮಾಷ್ಟಮಿ ಕುರಿತು ಸಭೆ ನಡೆಸಲಾಯಿತು.
ಕೋಲಾರ ತಾಲೂಕಿನಲ್ಲಿ ಶ್ರೀಕೃಷ್ಣ ಜನ್ಮಾಷ್ಟಮಿ ಪ್ರಯುಕ್ತ ಅಲಂಕೃತ ಮೆರವಣಿಗೆ ನಡೆಯಿತು.
ಕೋಲಾರದ ಶಾಲಾ ಆವರಣದಲ್ಲಿ ನಡೆದ ಧ್ವಜವಂದನೆ ಕಾರ್ಯಕ್ರಮದ ದೃಶ್ಯ.
